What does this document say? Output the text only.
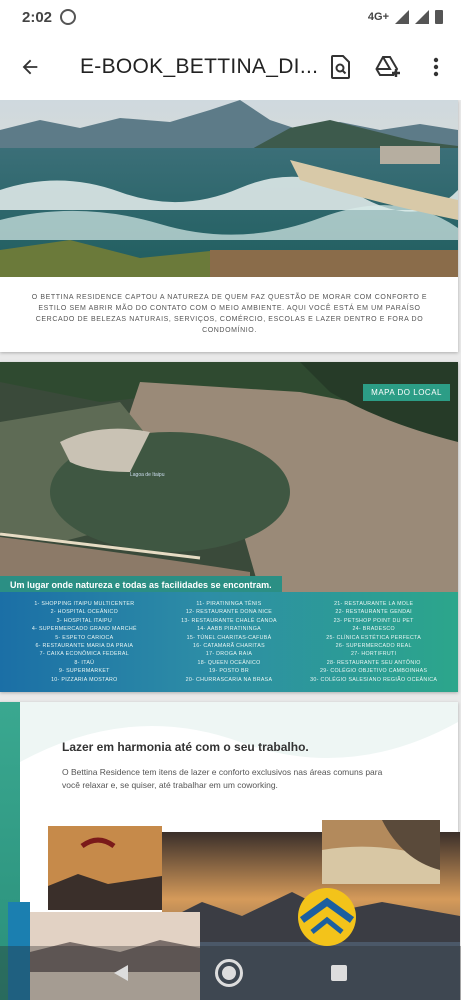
2:02	4G+
E-BOOK_BETTINA_DI...
O BETTINA RESIDENCE CAPTOU A NATUREZA DE QUEM FAZ QUESTÃO DE MORAR COM CONFORTO E ESTILO SEM ABRIR MÃO DO CONTATO COM O MEIO AMBIENTE. AQUI VOCÊ ESTÁ EM UM PARAÍSO CERCADO DE BELEZAS NATURAIS, SERVIÇOS, COMÉRCIO, ESCOLAS E LAZER DENTRO E FORA DO CONDOMÍNIO.
Lagoa de Itaipu
MAPA DO LOCAL
Um lugar onde natureza e todas as facilidades se encontram.
1- SHOPPING ITAIPU MULTICENTER
2- HOSPITAL OCEÂNICO
3- HOSPITAL ITAIPU
4- SUPERMERCADO GRAND MARCHÉ
5- ESPETO CARIOCA
6- RESTAURANTE MARIA DA PRAIA
7- CAIXA ECONÔMICA FEDERAL
8- ITAÚ
9- SUPERMARKET
10- PIZZARIA MOSTARO
11- PIRATININGA TÊNIS
12- RESTAURANTE DONA NICE
13- RESTAURANTE CHALÉ CANOA
14- AABB PIRATININGA
15- TÚNEL CHARITAS-CAFUBÁ
16- CATAMARÃ CHARITAS
17- DROGA RAIA
18- QUEEN OCEÂNICO
19- POSTO BR
20- CHURRASCARIA NA BRASA
21- RESTAURANTE LA MOLE
22- RESTAURANTE GENDAI
23- PETSHOP POINT DU PET
24- BRADESCO
25- CLÍNICA ESTÉTICA PERFECTA
26- SUPERMERCADO REAL
27- HORTIFRUTI
28- RESTAURANTE SEU ANTÔNIO
29- COLÉGIO OBJETIVO CAMBOINHAS
30- COLÉGIO SALESIANO REGIÃO OCEÂNICA
Lazer em harmonia até com o seu trabalho.
O Bettina Residence tem itens de lazer e conforto exclusivos nas áreas comuns para você relaxar e, se quiser, até trabalhar em um coworking.
